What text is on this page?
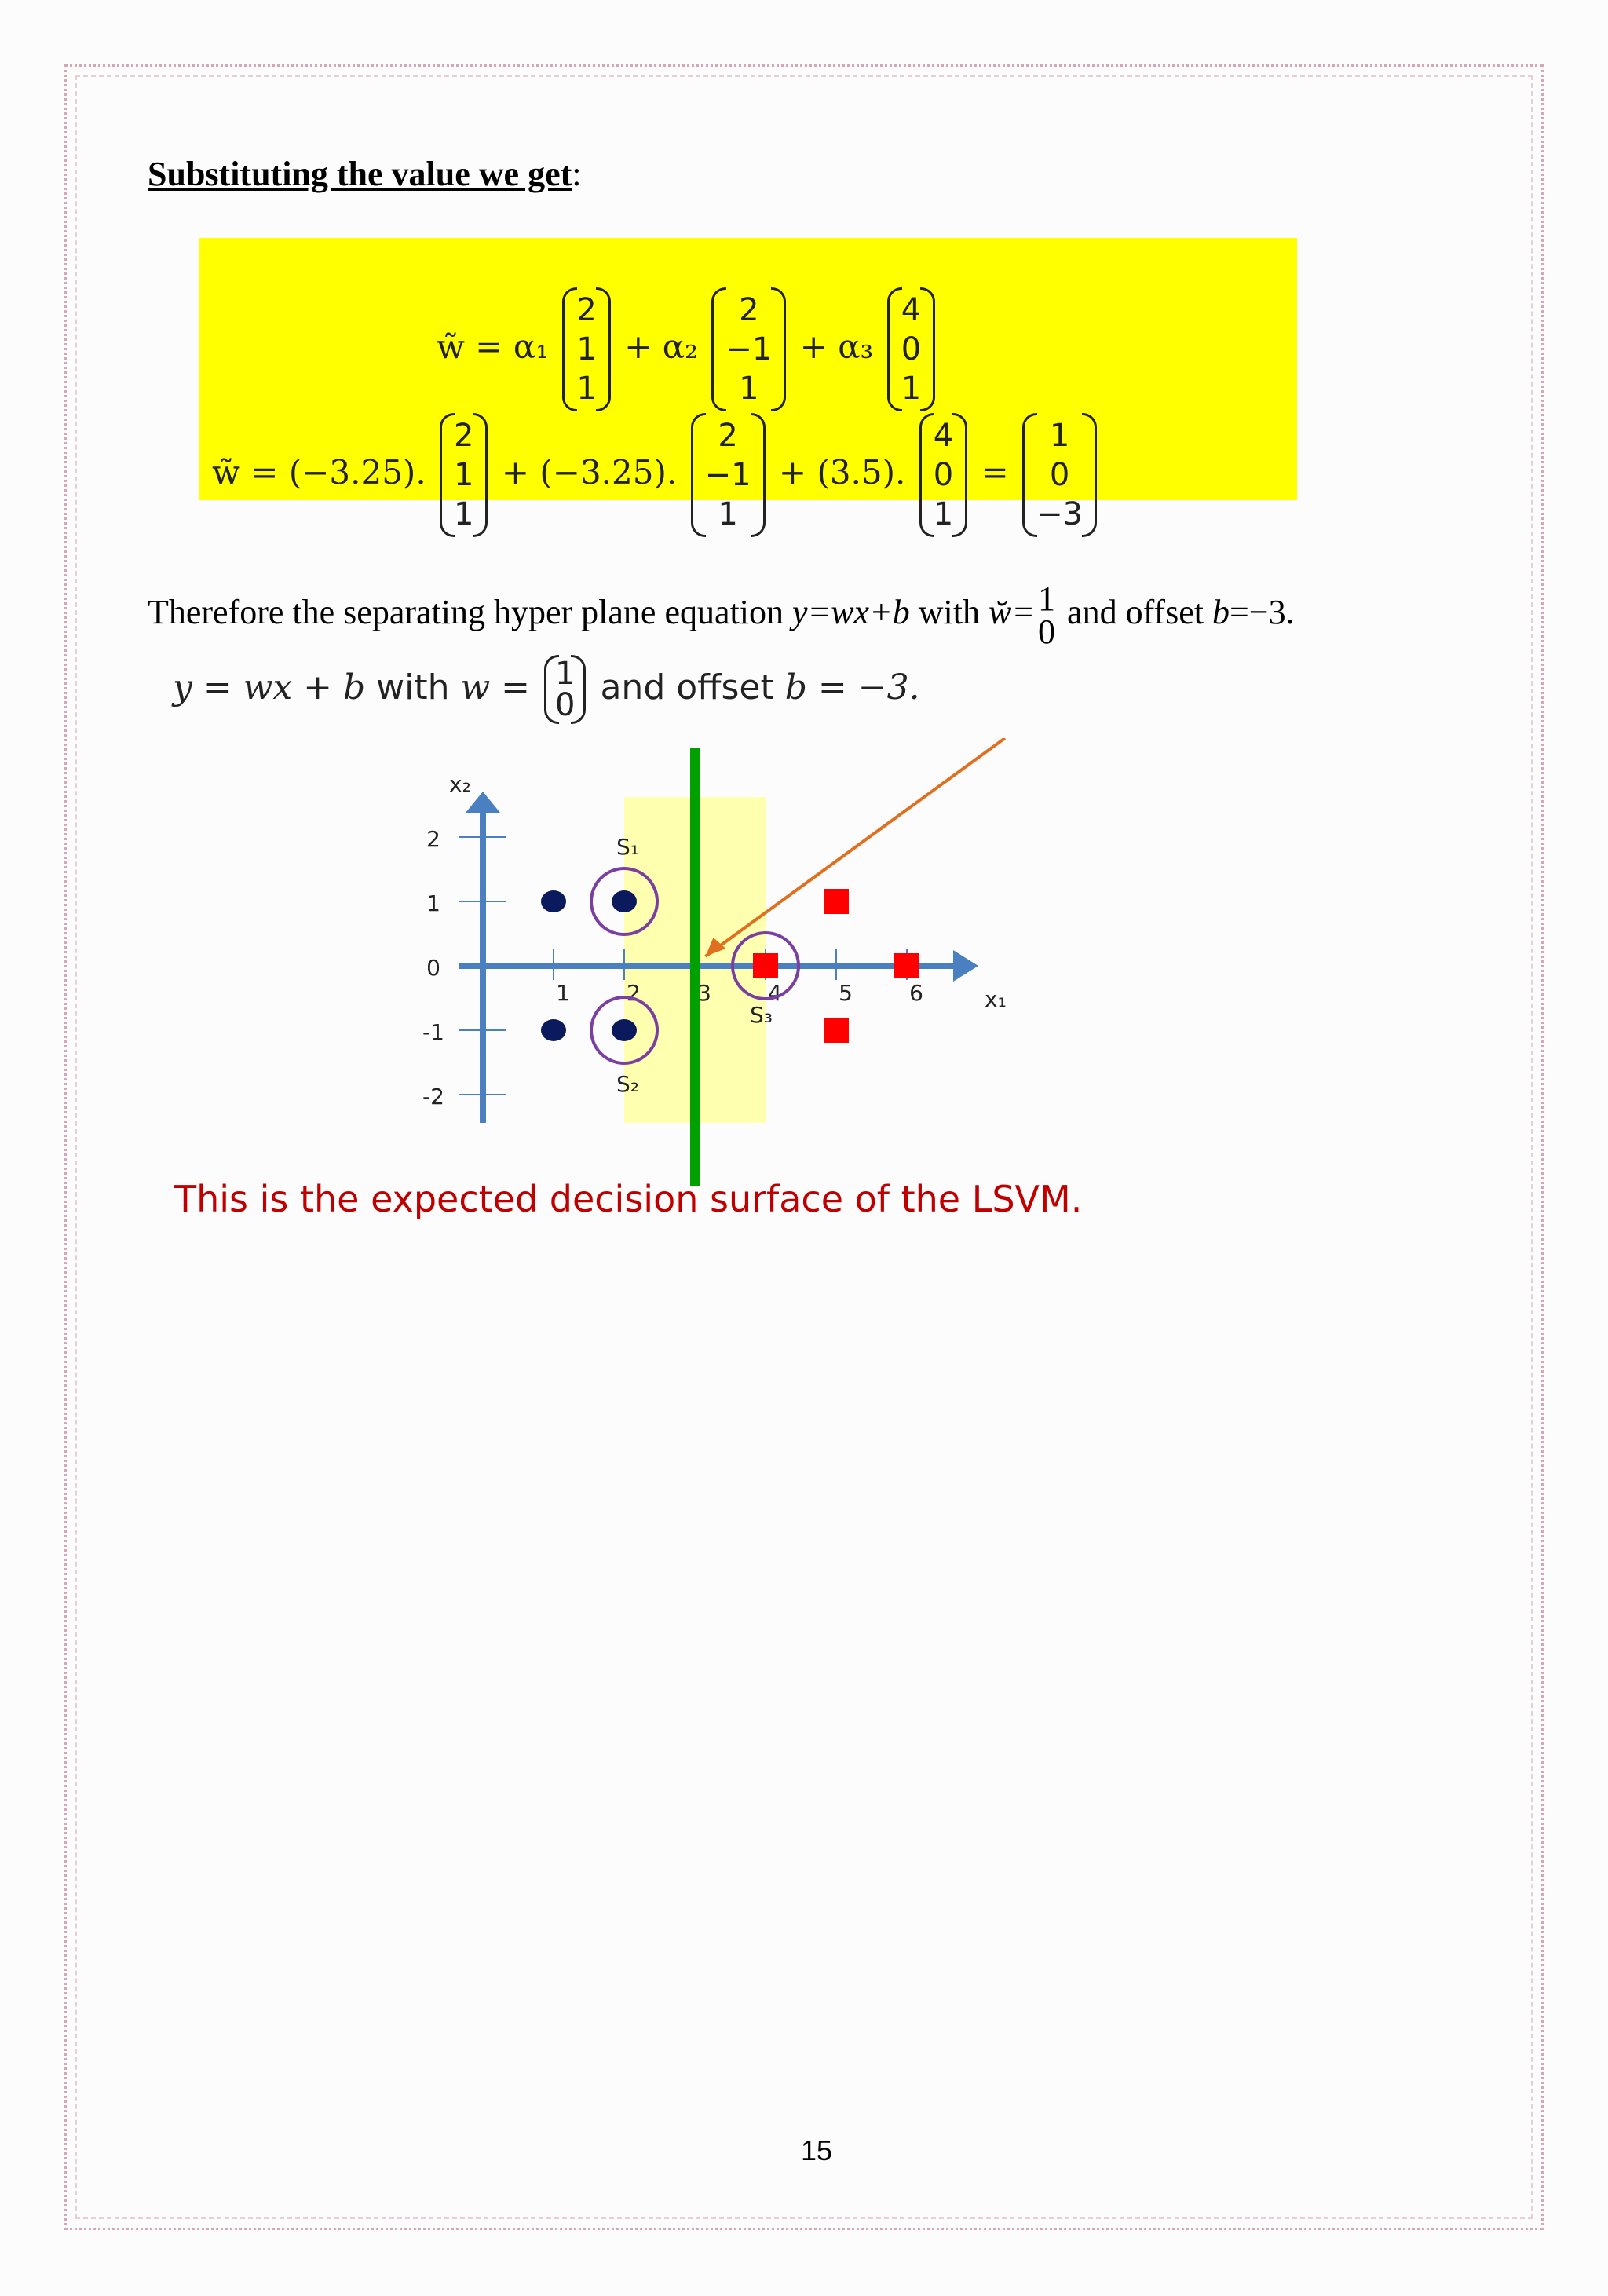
Substituting the value we get:
w̃ = α₁
2
1
1
+ α₂
2
−1
1
+ α₃
4
0
1
w̃ = (−3.25).
2
1
1
+ (−3.25).
2
−1
1
+ (3.5).
4
0
1
=
1
0
−3
Therefore the separating hyper plane equation y=wx+b with w̆= 1
0
and offset b=−3.
y = wx + b with w = 1
0 and offset b = −3.
2
1
0
-1
-2
1	2	3	4	5	6
x₂
x₁
S₁
S₂
S₃
This is the expected decision surface of the LSVM.
15
